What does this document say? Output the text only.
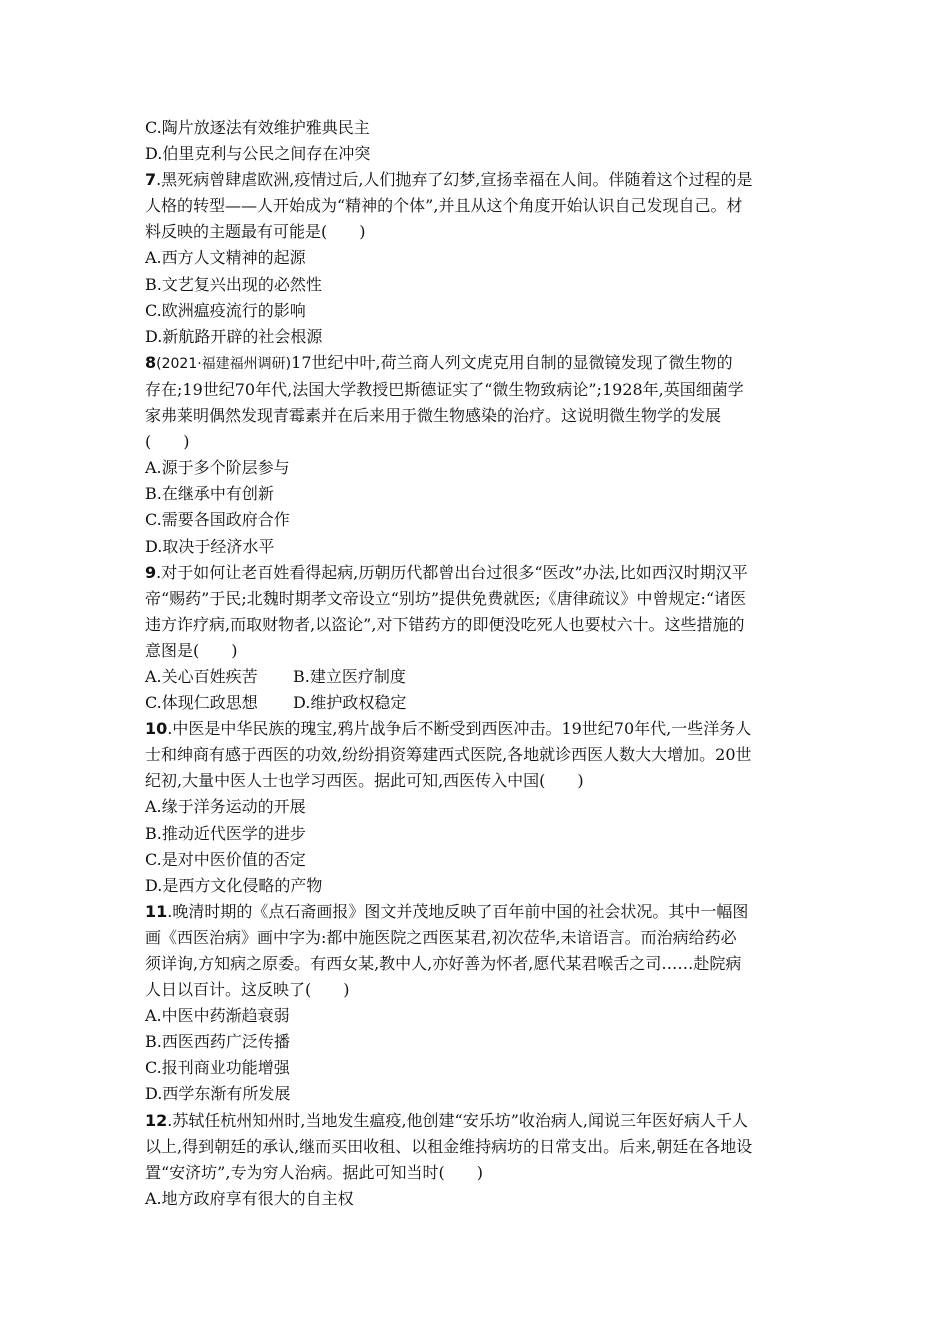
C.陶片放逐法有效维护雅典民主
D.伯里克利与公民之间存在冲突
7.黑死病曾肆虐欧洲,疫情过后,人们抛弃了幻梦,宣扬幸福在人间。伴随着这个过程的是
人格的转型——人开始成为“精神的个体”,并且从这个角度开始认识自己发现自己。材
料反映的主题最有可能是(　　)
A.西方人文精神的起源
B.文艺复兴出现的必然性
C.欧洲瘟疫流行的影响
D.新航路开辟的社会根源
8(2021·福建福州调研)17世纪中叶,荷兰商人列文虎克用自制的显微镜发现了微生物的
存在;19世纪70年代,法国大学教授巴斯德证实了“微生物致病论”;1928年,英国细菌学
家弗莱明偶然发现青霉素并在后来用于微生物感染的治疗。这说明微生物学的发展
(　　)
A.源于多个阶层参与
B.在继承中有创新
C.需要各国政府合作
D.取决于经济水平
9.对于如何让老百姓看得起病,历朝历代都曾出台过很多“医改”办法,比如西汉时期汉平
帝“赐药”于民;北魏时期孝文帝设立“别坊”提供免费就医;《唐律疏议》中曾规定:“诸医
违方诈疗病,而取财物者,以盗论”,对下错药方的即便没吃死人也要杖六十。这些措施的
意图是(　　)
A.关心百姓疾苦 B.建立医疗制度
C.体现仁政思想 D.维护政权稳定
10.中医是中华民族的瑰宝,鸦片战争后不断受到西医冲击。19世纪70年代,一些洋务人
士和绅商有感于西医的功效,纷纷捐资筹建西式医院,各地就诊西医人数大大增加。20世
纪初,大量中医人士也学习西医。据此可知,西医传入中国(　　)
A.缘于洋务运动的开展
B.推动近代医学的进步
C.是对中医价值的否定
D.是西方文化侵略的产物
11.晚清时期的《点石斋画报》图文并茂地反映了百年前中国的社会状况。其中一幅图
画《西医治病》画中字为:都中施医院之西医某君,初次莅华,未谙语言。而治病给药必
须详询,方知病之原委。有西女某,教中人,亦好善为怀者,愿代某君喉舌之司……赴院病
人日以百计。这反映了(　　)
A.中医中药渐趋衰弱
B.西医西药广泛传播
C.报刊商业功能增强
D.西学东渐有所发展
12.苏轼任杭州知州时,当地发生瘟疫,他创建“安乐坊”收治病人,闻说三年医好病人千人
以上,得到朝廷的承认,继而买田收租、以租金维持病坊的日常支出。后来,朝廷在各地设
置“安济坊”,专为穷人治病。据此可知当时(　　)
A.地方政府享有很大的自主权
